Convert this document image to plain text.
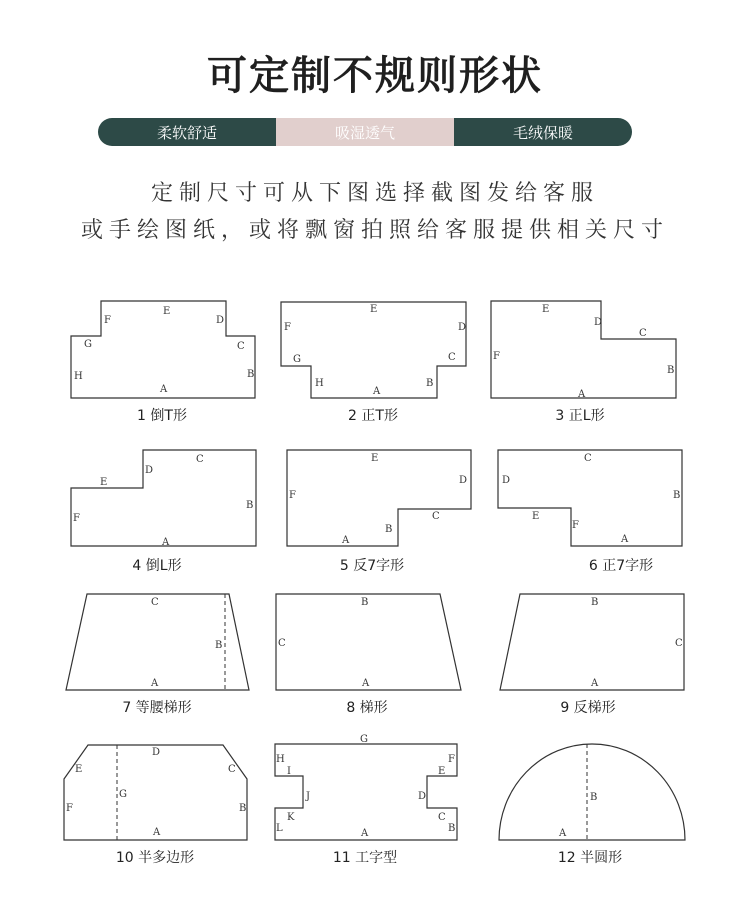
可定制不规则形状
柔软舒适	吸湿透气	毛绒保暖
定制尺寸可从下图选择截图发给客服
或手绘图纸，或将飘窗拍照给客服提供相关尺寸
A
B
C
D
E
F
G
H
1 倒T形
E
D
F
C
G
H	B
A
2 正T形
E
D
C
F
B
A
3 正L形
D
C
E
B
F
A
4 倒L形
E
D
F
C
B
A
5 反7字形
C
D
B
E
F
A
6 正7字形
C
B
A
7 等腰梯形
B
C
A
8 梯形
B
C
A
9 反梯形
D
E	C
G
F	B
A
10 半多边形
G
H	F
I	E
J	D
K	C
L	B
A
11 工字型
B
A
12 半圆形
